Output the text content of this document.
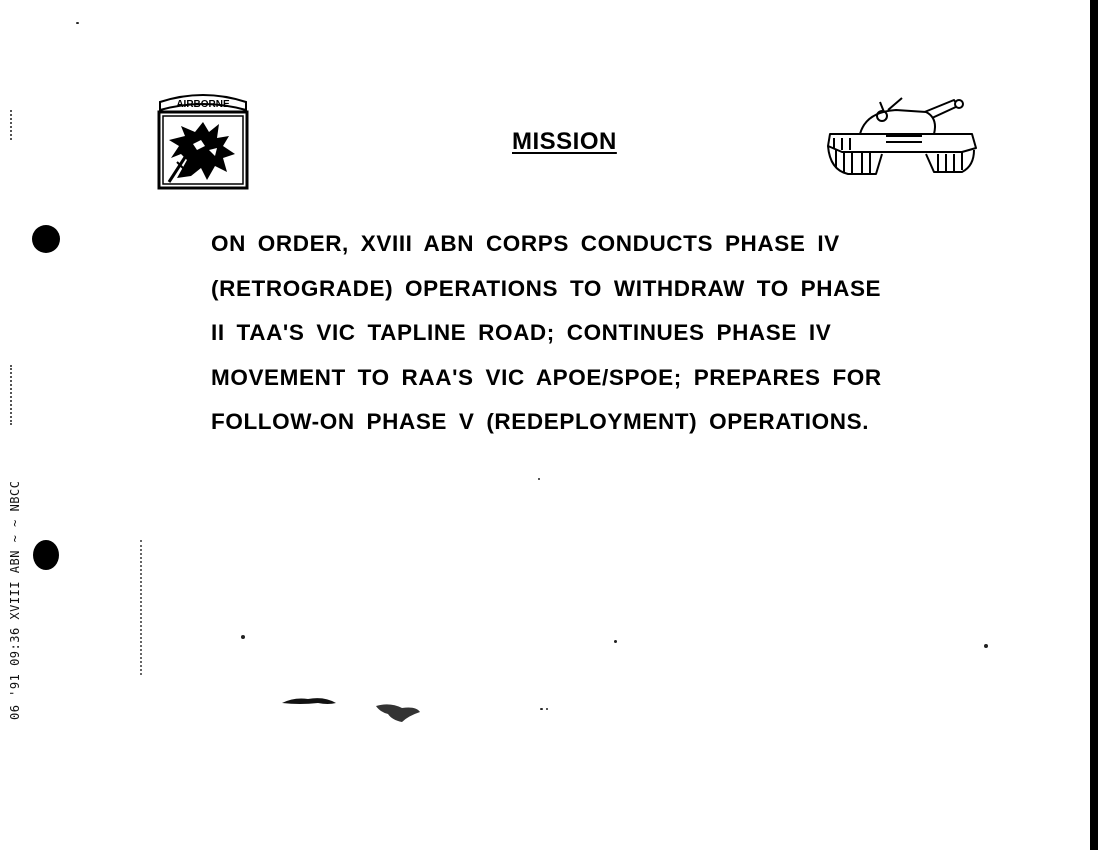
06 '91 09:36 XVIII ABN ~ ~ NBCC
AIRBORNE
MISSION

ON ORDER, XVIII ABN CORPS CONDUCTS PHASE IV
(RETROGRADE) OPERATIONS TO WITHDRAW TO PHASE
II TAA'S VIC TAPLINE ROAD; CONTINUES PHASE IV
MOVEMENT TO RAA'S VIC APOE/SPOE; PREPARES FOR
FOLLOW-ON PHASE V (REDEPLOYMENT) OPERATIONS.
